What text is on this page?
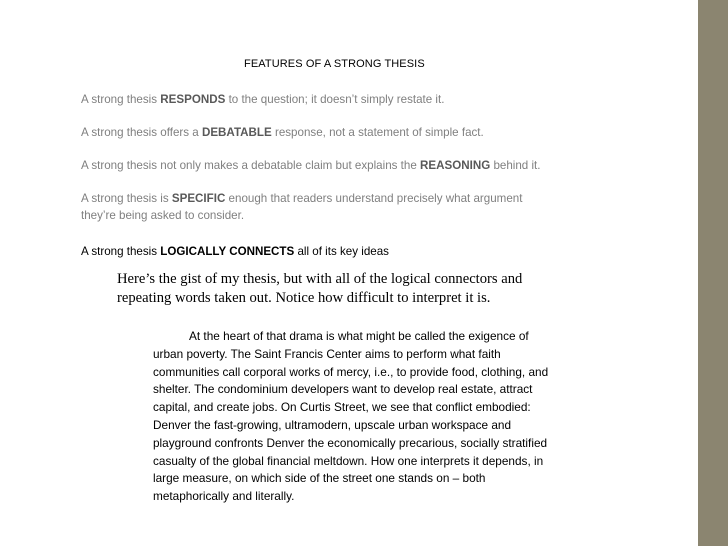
FEATURES OF A STRONG THESIS
A strong thesis RESPONDS to the question; it doesn’t simply restate it.
A strong thesis offers a DEBATABLE response, not a statement of simple fact.
A strong thesis not only makes a debatable claim but explains the REASONING behind it.
A strong thesis is SPECIFIC enough that readers understand precisely what argument
they’re being asked to consider.
A strong thesis LOGICALLY CONNECTS all of its key ideas
Here’s the gist of my thesis, but with all of the logical connectors and
repeating words taken out. Notice how difficult to interpret it is.
At the heart of that drama is what might be called the exigence of
urban poverty. The Saint Francis Center aims to perform what faith
communities call corporal works of mercy, i.e., to provide food, clothing, and
shelter. The condominium developers want to develop real estate, attract
capital, and create jobs. On Curtis Street, we see that conflict embodied:
Denver the fast-growing, ultramodern, upscale urban workspace and
playground confronts Denver the economically precarious, socially stratified
casualty of the global financial meltdown. How one interprets it depends, in
large measure, on which side of the street one stands on – both
metaphorically and literally.
